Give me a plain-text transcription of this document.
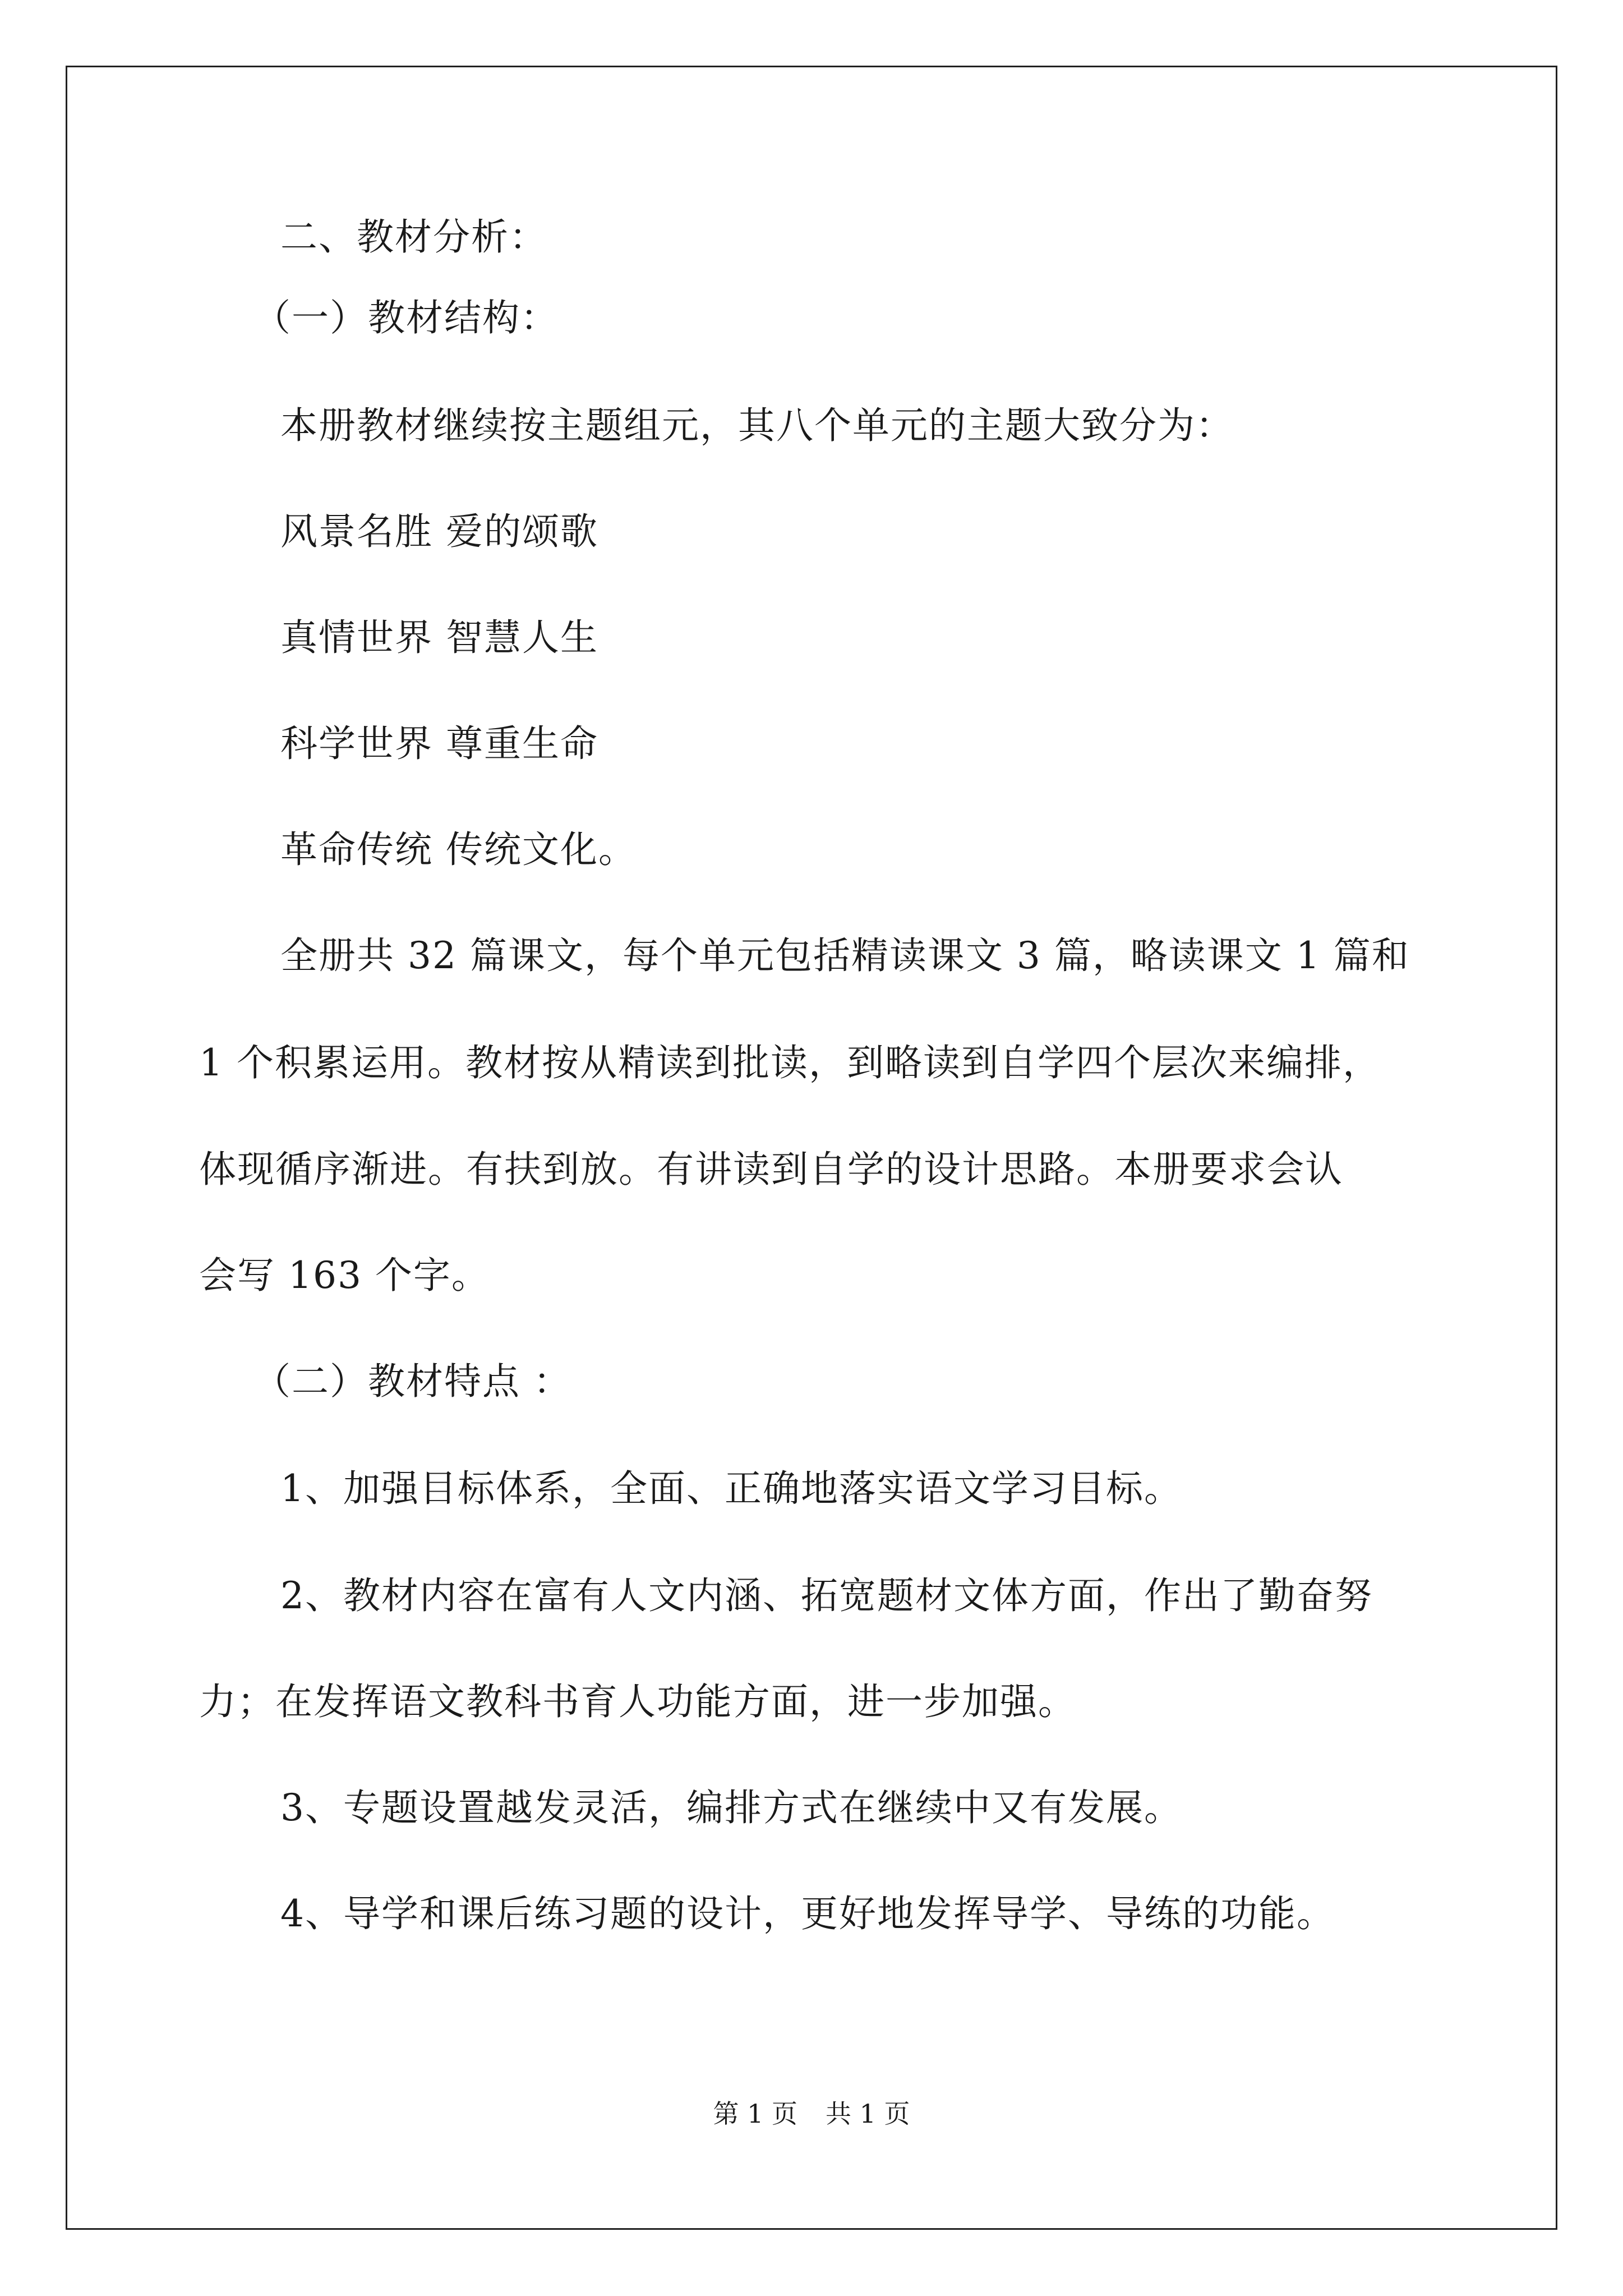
二、教材分析：
（一）教材结构：
本册教材继续按主题组元，其八个单元的主题大致分为：
风景名胜 爱的颂歌
真情世界 智慧人生
科学世界 尊重生命
革命传统 传统文化。
全册共 32 篇课文，每个单元包括精读课文 3 篇，略读课文 1 篇和
1 个积累运用。教材按从精读到批读，到略读到自学四个层次来编排，
体现循序渐进。有扶到放。有讲读到自学的设计思路。本册要求会认
会写 163 个字。
（二）教材特点 ：
1、加强目标体系，全面、正确地落实语文学习目标。
2、教材内容在富有人文内涵、拓宽题材文体方面，作出了勤奋努
力；在发挥语文教科书育人功能方面，进一步加强。
3、专题设置越发灵活，编排方式在继续中又有发展。
4、导学和课后练习题的设计，更好地发挥导学、导练的功能。
第 1 页 共 1 页
